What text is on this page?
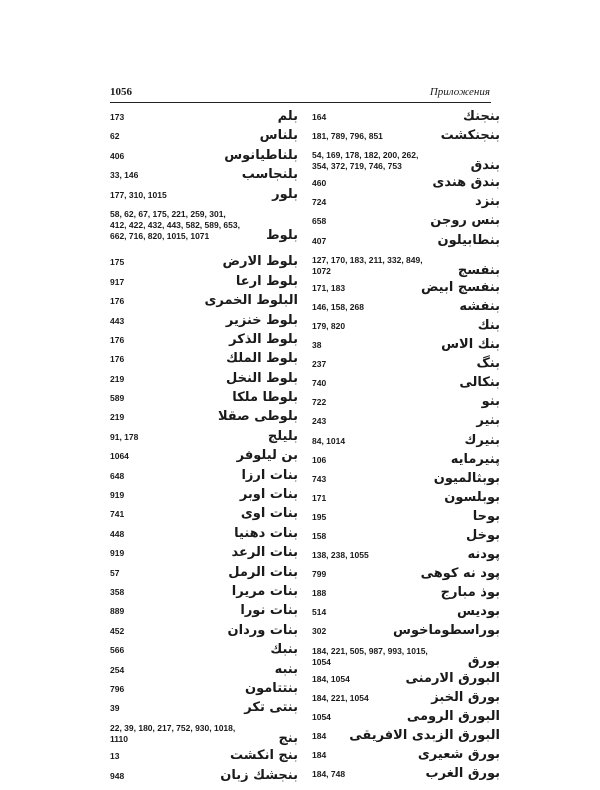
1056	Приложения
173	بلم
62	بلناس
406	بلناطيانوس
33, 146	بلنجاسب
177, 310, 1015	بلور
58, 62, 67, 175, 221, 259, 301,
412, 422, 432, 443, 582, 589, 653,
662, 716, 820, 1015, 1071	بلوط
175	بلوط الارض
917	بلوط ارعا
176	البلوط الخمرى
443	بلوط خنزير
176	بلوط الذكر
176	بلوط الملك
219	بلوط النخل
589	بلوطا ملكا
219	بلوطى صقلا
91, 178	بليلج
1064	بن ليلوفر
648	بنات ارزا
919	بنات اوبر
741	بنات اوى
448	بنات دهنيا
919	بنات الرعد
57	بنات الرمل
358	بنات مريرا
889	بنات نورا
452	بنات وردان
566	بنبك
254	بنبه
796	بنتتامون
39	بنتى تكر
22, 39, 180, 217, 752, 930, 1018,
1110	بنج
13	بنج انكشت
948	بنجشك زبان
164	بنجنك
181, 789, 796, 851	بنجنكشت
54, 169, 178, 182, 200, 262,
354, 372, 719, 746, 753	بندق
460	بندق هندى
724	بنزد
658	بنس روجن
407	بنطابيلون
127, 170, 183, 211, 332, 849,
1072	بنفسج
171, 183	بنفسج ابيض
146, 158, 268	بنفشه
179, 820	بنك
38	بنك الاس
237	بنگ
740	بنكالى
722	بنو
243	بنير
84, 1014	بنيرك
106	پنيرمايه
743	بوبثالميون
171	بوبلسون
195	بوحا
158	بوخل
138, 238, 1055	پودنه
799	پود نه كوهى
188	بوذ مبارج
514	بوديس
302	بوراسطوماخوس
184, 221, 505, 987, 993, 1015,
1054	بورق
184, 1054	البورق الارمنى
184, 221, 1054	بورق الخبز
1054	البورق الرومى
184 البورق الزبدى الافريقى
184	بورق شعيرى
184, 748	بورق الغرب
